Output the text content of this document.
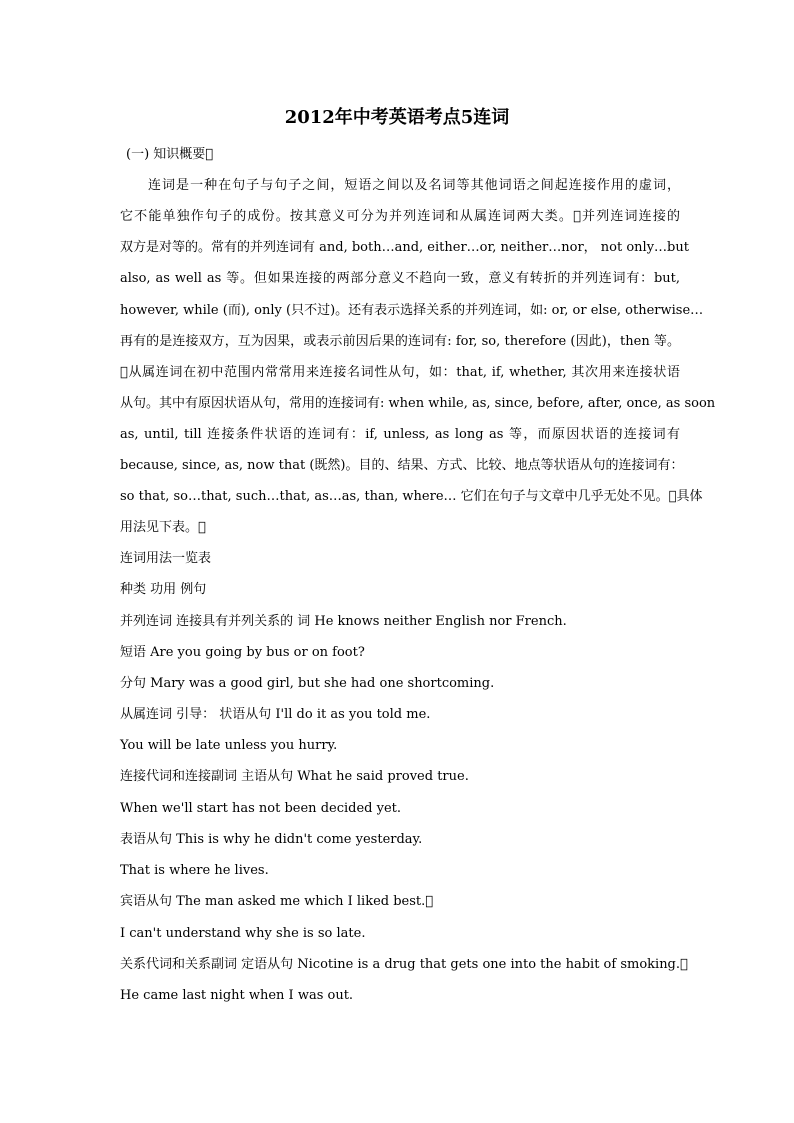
2012年中考英语考点5连词
(一) 知识概要 
连词是一种在句子与句子之间，短语之间以及名词等其他词语之间起连接作用的虚词，
它不能单独作句子的成份。按其意义可分为并列连词和从属连词两大类。 并列连词连接的
双方是对等的。常有的并列连词有 and, both…and, either…or, neither…nor， not only…but
also, as well as 等。但如果连接的两部分意义不趋向一致，意义有转折的并列连词有：but,
however, while (而), only (只不过)。还有表示选择关系的并列连词，如: or, or else, otherwise…
再有的是连接双方，互为因果，或表示前因后果的连词有: for, so, therefore (因此)，then 等。
 从属连词在初中范围内常常用来连接名词性从句，如：that, if, whether, 其次用来连接状语
从句。其中有原因状语从句，常用的连接词有: when while, as, since, before, after, once, as soon
as, until, till 连接条件状语的连词有：if, unless, as long as 等，而原因状语的连接词有
because, since, as, now that (既然)。目的、结果、方式、比较、地点等状语从句的连接词有：
so that, so…that, such…that, as…as, than, where… 它们在句子与文章中几乎无处不见。 具体
用法见下表。 
连词用法一览表
种类 功用 例句
并列连词 连接具有并列关系的 词 He knows neither English nor French.
短语 Are you going by bus or on foot?
分句 Mary was a good girl, but she had one shortcoming.
从属连词 引导： 状语从句 I'll do it as you told me.
You will be late unless you hurry.
连接代词和连接副词 主语从句 What he said proved true.
When we'll start has not been decided yet.
表语从句 This is why he didn't come yesterday.
That is where he lives.
宾语从句 The man asked me which I liked best. 
I can't understand why she is so late.
关系代词和关系副词 定语从句 Nicotine is a drug that gets one into the habit of smoking. 
He came last night when I was out.
